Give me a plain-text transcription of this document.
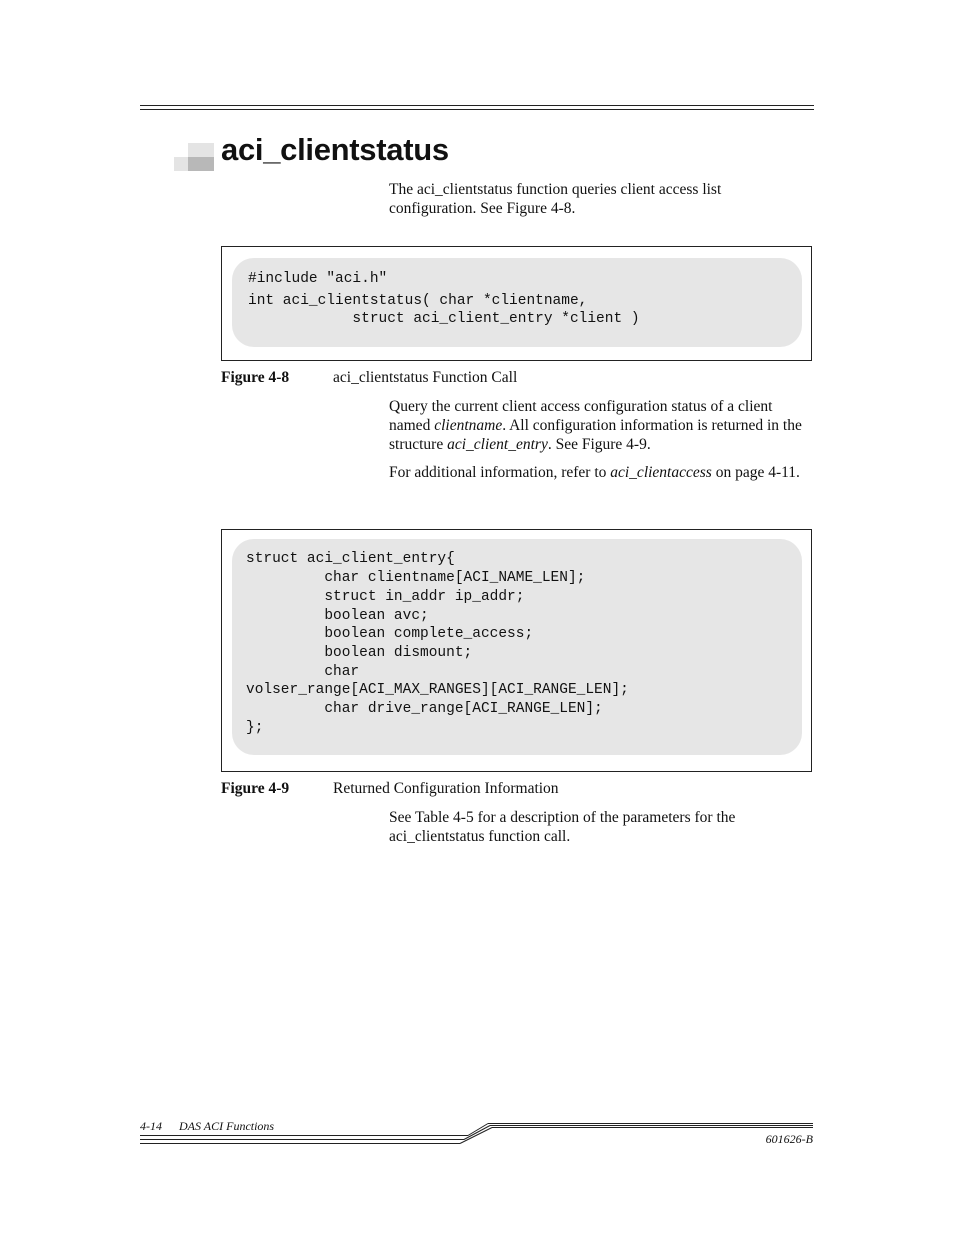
aci_clientstatus
The aci_clientstatus function queries client access list configuration. See Figure 4-8.
#include "aci.h"
int aci_clientstatus( char *clientname,
struct aci_client_entry *client )
Figure 4-8	aci_clientstatus Function Call
Query the current client access configuration status of a client named clientname. All configuration information is returned in the structure aci_client_entry. See Figure 4-9.
For additional information, refer to aci_clientaccess on page 4-11.
struct aci_client_entry{
char clientname[ACI_NAME_LEN];
struct in_addr ip_addr;
boolean avc;
boolean complete_access;
boolean dismount;
char
volser_range[ACI_MAX_RANGES][ACI_RANGE_LEN];
char drive_range[ACI_RANGE_LEN];
};
Figure 4-9	Returned Configuration Information
See Table 4-5 for a description of the parameters for the aci_clientstatus function call.
4-14 DAS ACI Functions
601626-B
